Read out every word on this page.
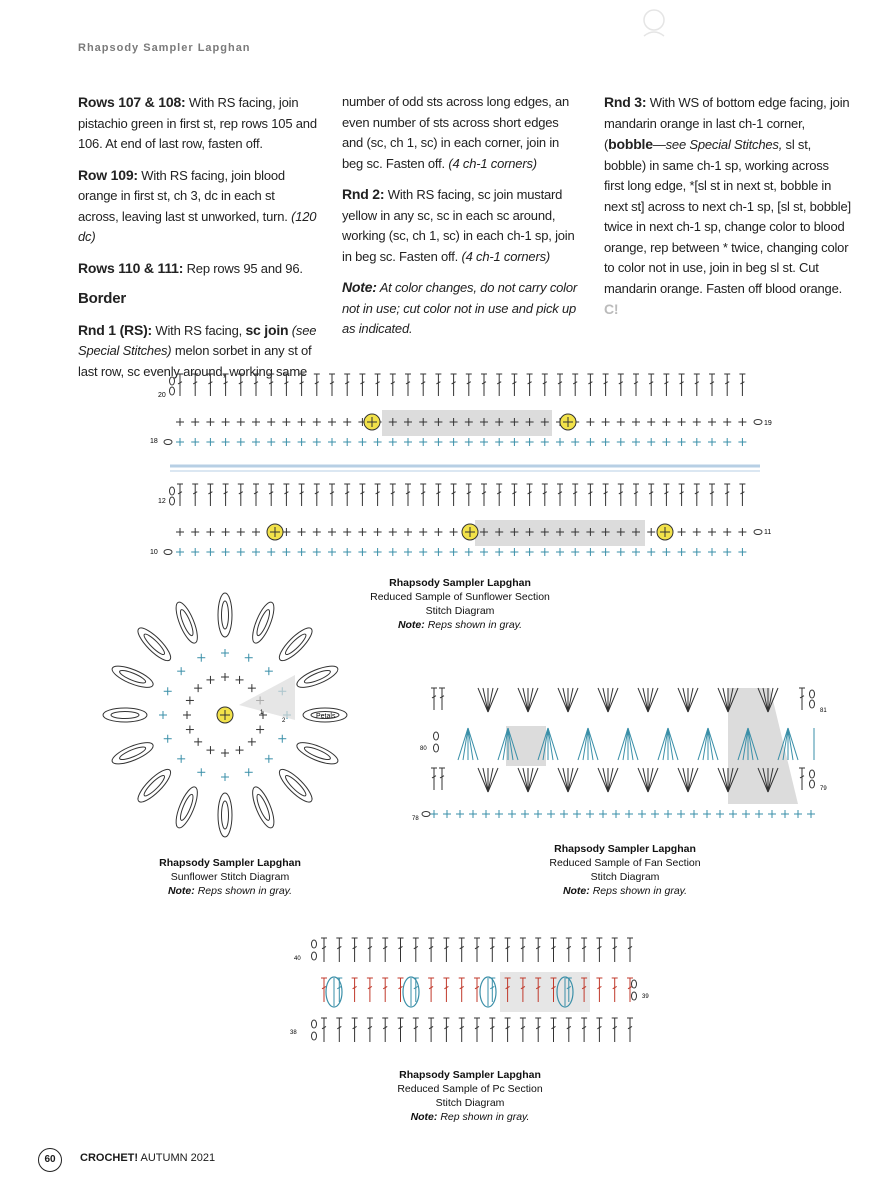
Rhapsody Sampler Lapghan

Rows 107 & 108: With RS facing, join pistachio green in first st, rep rows 105 and 106. At end of last row, fasten off.

Row 109: With RS facing, join blood orange in first st, ch 3, dc in each st across, leaving last st unworked, turn. (120 dc)

Rows 110 & 111: Rep rows 95 and 96.

Border

Rnd 1 (RS): With RS facing, sc join (see Special Stitches) melon sorbet in any st of last row, sc evenly around, working same

number of odd sts across long edges, an even number of sts across short edges and (sc, ch 1, sc) in each corner, join in beg sc. Fasten off. (4 ch-1 corners)

Rnd 2: With RS facing, sc join mustard yellow in any sc, sc in each sc around, working (sc, ch 1, sc) in each ch-1 sp, join in beg sc. Fasten off. (4 ch-1 corners)

Note: At color changes, do not carry color not in use; cut color not in use and pick up as indicated.

Rnd 3: With WS of bottom edge facing, join mandarin orange in last ch-1 corner, (bobble—see Special Stitches, sl st, bobble) in same ch-1 sp, working across first long edge, *[sl st in next st, bobble in next st] across to next ch-1 sp, [sl st, bobble] twice in next ch-1 sp, change color to blood orange, rep between * twice, changing color to color not in use, join in beg sl st. Cut mandarin orange. Fasten off blood orange. C!

20
19
18
12
11
10
Rhapsody Sampler Lapghan
Reduced Sample of Sunflower Section
Stitch Diagram
Note: Reps shown in gray.
Petals
1
2
Rhapsody Sampler Lapghan
Sunflower Stitch Diagram
Note: Reps shown in gray.
81
80
79
78
Rhapsody Sampler Lapghan
Reduced Sample of Fan Section
Stitch Diagram
Note: Reps shown in gray.
40
39
38
Rhapsody Sampler Lapghan
Reduced Sample of Pc Section
Stitch Diagram
Note: Rep shown in gray.
60	CROCHET! AUTUMN 2021
